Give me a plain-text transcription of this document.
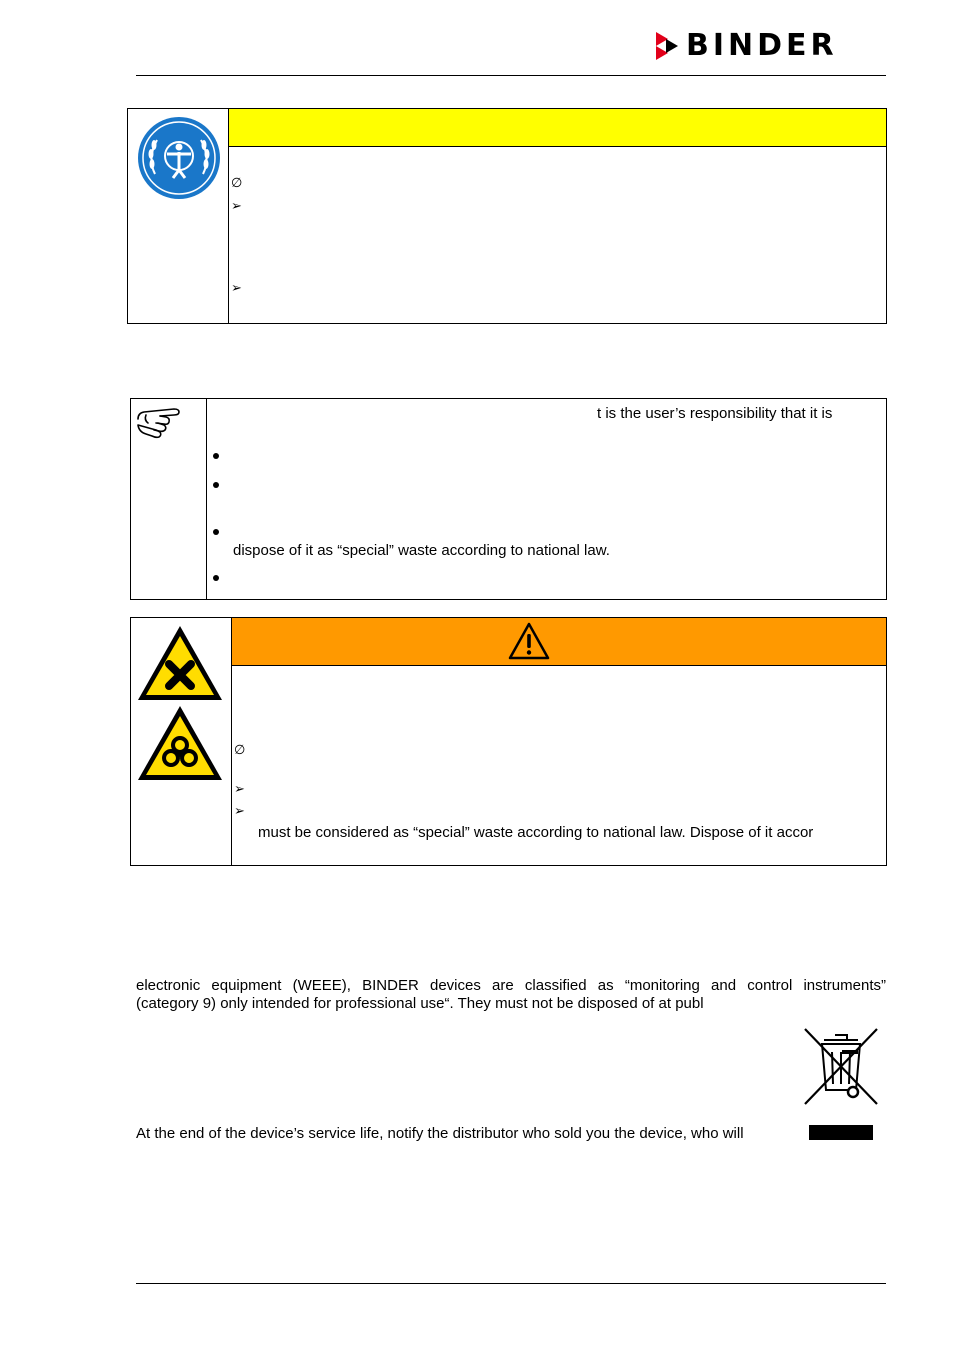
BINDER
∅
➢
➢
t is the user’s responsibility that it is
dispose of it as “special” waste according to national law.
∅
➢
➢
must be considered as “special” waste according to national law. Dispose of it accor
electronic equipment (WEEE), BINDER devices are classified as “monitoring and control instruments”
(category 9) only intended for professional use“. They must not be disposed of at publ
At the end of the device’s service life, notify the distributor who sold you the device, who will
